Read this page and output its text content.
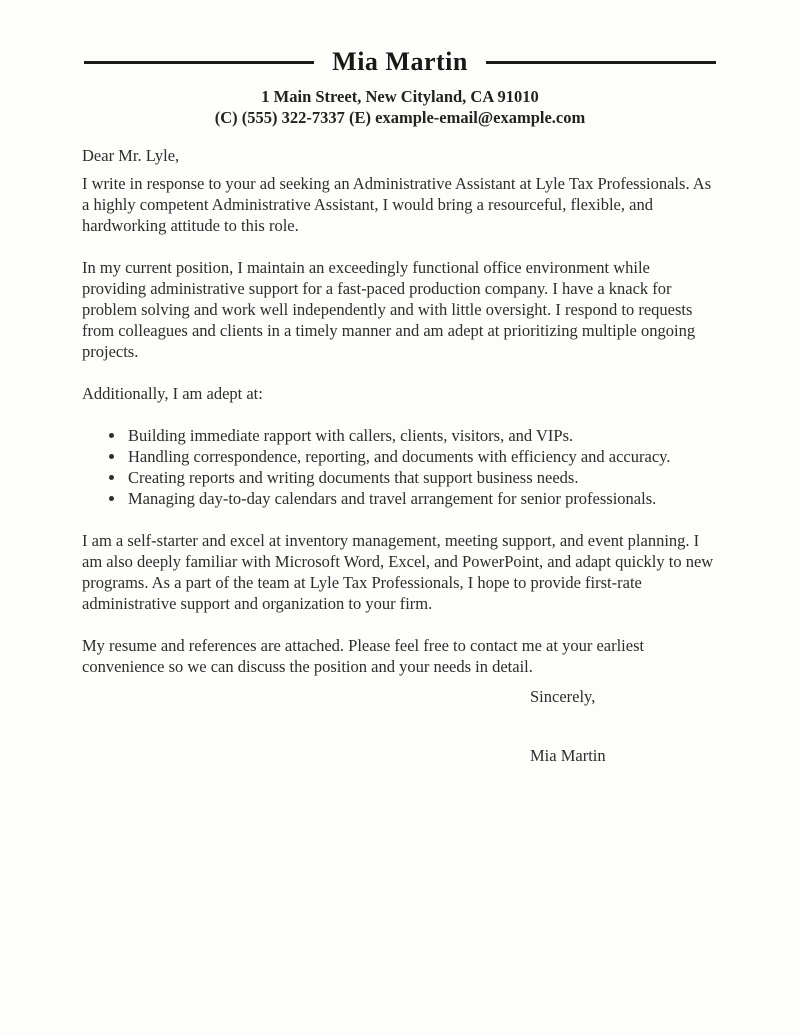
Mia Martin

1 Main Street, New Cityland, CA 91010

(C) (555) 322-7337 (E) example-email@example.com

Dear Mr. Lyle,

I write in response to your ad seeking an Administrative Assistant at Lyle Tax Professionals. As a highly competent Administrative Assistant, I would bring a resourceful, flexible, and hardworking attitude to this role.

In my current position, I maintain an exceedingly functional office environment while providing administrative support for a fast-paced production company. I have a knack for problem solving and work well independently and with little oversight. I respond to requests from colleagues and clients in a timely manner and am adept at prioritizing multiple ongoing projects.

Additionally, I am adept at:

• Building immediate rapport with callers, clients, visitors, and VIPs.
• Handling correspondence, reporting, and documents with efficiency and accuracy.
• Creating reports and writing documents that support business needs.
• Managing day-to-day calendars and travel arrangement for senior professionals.

I am a self-starter and excel at inventory management, meeting support, and event planning. I am also deeply familiar with Microsoft Word, Excel, and PowerPoint, and adapt quickly to new programs. As a part of the team at Lyle Tax Professionals, I hope to provide first-rate administrative support and organization to your firm.

My resume and references are attached. Please feel free to contact me at your earliest convenience so we can discuss the position and your needs in detail.

Sincerely,

Mia Martin
